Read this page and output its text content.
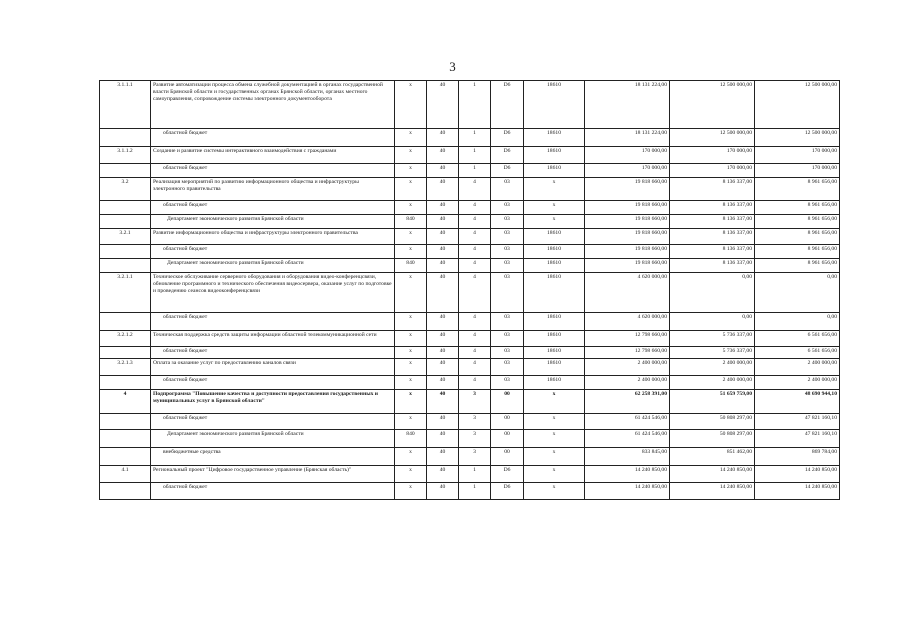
3
3.1.1.1	Развитие автоматизации процесса обмена служебной документацией в органах государственной власти Брянской области и государственных органах Брянской области, органах местного самоуправления, сопровождение системы электронного документооборота	х	40	1	D6	18610	18 131 224,00	12 500 000,00	12 500 000,00
	областной бюджет	х	40	1	D6	18610	18 131 224,00	12 500 000,00	12 500 000,00
3.1.1.2	Создание и развитие системы интерактивного взаимодействия с гражданами	х	40	1	D6	18610	170 000,00	170 000,00	170 000,00
	областной бюджет	х	40	1	D6	18610	170 000,00	170 000,00	170 000,00
3.2	Реализация мероприятий по развитию информационного общества и инфраструктуры электронного правительства	х	40	4	03	х	19 818 660,00	8 136 337,00	8 961 656,00
	областной бюджет	х	40	4	03	х	19 818 660,00	8 136 337,00	8 961 656,00
	Департамент экономического развития Брянской области	840	40	4	03	х	19 818 660,00	8 136 337,00	8 961 656,00
3.2.1	Развитие информационного общества и инфраструктуры электронного правительства	х	40	4	03	18610	19 818 660,00	8 136 337,00	8 961 656,00
	областной бюджет	х	40	4	03	18610	19 818 660,00	8 136 337,00	8 961 656,00
	Департамент экономического развития Брянской области	840	40	4	03	18610	19 818 660,00	8 136 337,00	8 961 656,00
3.2.1.1	Техническое обслуживание серверного оборудования и оборудования видео-конференцсвязи, обновление программного и технического обеспечения видеосервера, оказание услуг по подготовке и проведению сеансов видеоконференцсвязи	х	40	4	03	18610	4 620 000,00	0,00	0,00
	областной бюджет	х	40	4	03	18610	4 620 000,00	0,00	0,00
3.2.1.2	Техническая поддержка средств защиты информации областной телекоммуникационной сети	х	40	4	03	18610	12 798 660,00	5 736 337,00	6 561 656,00
	областной бюджет	х	40	4	03	18610	12 798 660,00	5 736 337,00	6 561 656,00
3.2.1.3	Оплата за оказание услуг по предоставлению каналов связи	х	40	4	03	18610	2 400 000,00	2 400 000,00	2 400 000,00
	областной бюджет	х	40	4	03	18610	2 400 000,00	2 400 000,00	2 400 000,00
4	Подпрограмма "Повышение качества и доступности предоставления государственных и муниципальных услуг в Брянской области"	х	40	3	00	х	62 258 391,00	51 659 759,00	48 690 944,10
	областной бюджет	х	40	3	00	х	61 424 546,00	50 808 297,00	47 821 160,10
	Департамент экономического развития Брянской области	840	40	3	00	х	61 424 546,00	50 808 297,00	47 821 160,10
	внебюджетные средства	х	40	3	00	х	833 845,00	851 462,00	869 784,00
4.1	Региональный проект "Цифровое государственное управление (Брянская область)"	х	40	1	D6	х	14 240 850,00	14 240 850,00	14 240 850,00
	областной бюджет	х	40	1	D6	х	14 240 850,00	14 240 850,00	14 240 850,00
